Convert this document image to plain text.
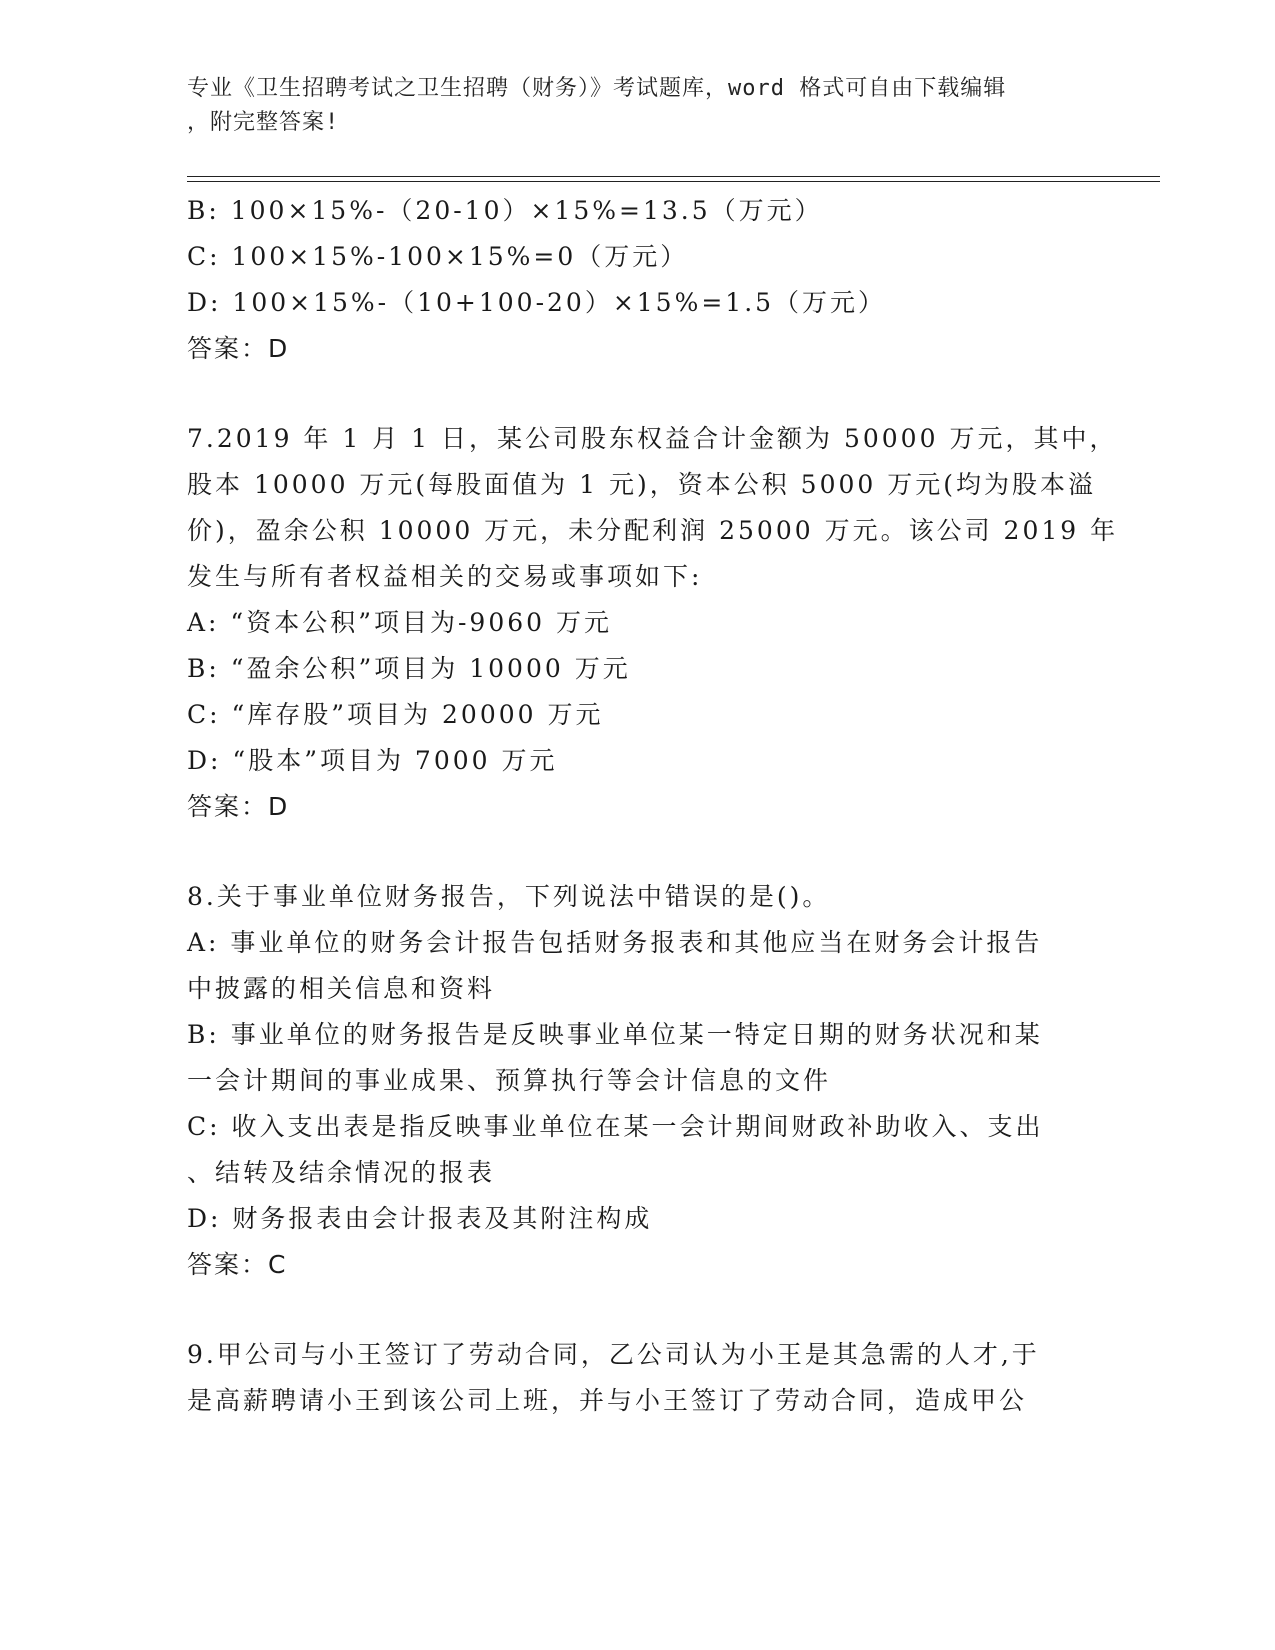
专业《卫生招聘考试之卫生招聘（财务）》考试题库，word 格式可自由下载编辑
，附完整答案!
B: 100×15%-（20-10）×15%=13.5（万元）
C: 100×15%-100×15%=0（万元）
D: 100×15%-（10+100-20）×15%=1.5（万元）
答案：D
7.2019 年 1 月 1 日，某公司股东权益合计金额为 50000 万元，其中，
股本 10000 万元(每股面值为 1 元)，资本公积 5000 万元(均为股本溢
价)，盈余公积 10000 万元，未分配利润 25000 万元。该公司 2019 年
发生与所有者权益相关的交易或事项如下:
A: “资本公积”项目为-9060 万元
B: “盈余公积”项目为 10000 万元
C: “库存股”项目为 20000 万元
D: “股本”项目为 7000 万元
答案：D
8.关于事业单位财务报告，下列说法中错误的是()。
A: 事业单位的财务会计报告包括财务报表和其他应当在财务会计报告
中披露的相关信息和资料
B: 事业单位的财务报告是反映事业单位某一特定日期的财务状况和某
一会计期间的事业成果、预算执行等会计信息的文件
C: 收入支出表是指反映事业单位在某一会计期间财政补助收入、支出
、结转及结余情况的报表
D: 财务报表由会计报表及其附注构成
答案：C
9.甲公司与小王签订了劳动合同，乙公司认为小王是其急需的人才,于
是高薪聘请小王到该公司上班，并与小王签订了劳动合同，造成甲公
